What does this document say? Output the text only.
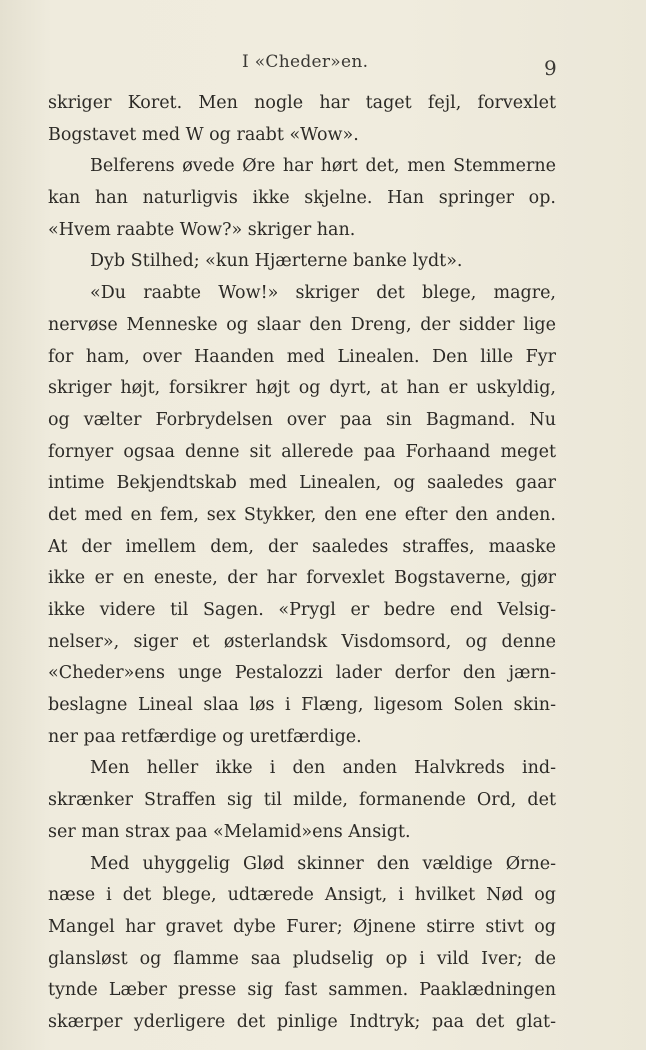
I «Cheder»en.	9
skriger Koret. Men nogle har taget fejl, forvexlet
Bogstavet med W og raabt «Wow».
Belferens øvede Øre har hørt det, men Stemmerne
kan han naturligvis ikke skjelne. Han springer op.
«Hvem raabte Wow?» skriger han.
Dyb Stilhed; «kun Hjærterne banke lydt».
«Du raabte Wow!» skriger det blege, magre,
nervøse Menneske og slaar den Dreng, der sidder lige
for ham, over Haanden med Linealen. Den lille Fyr
skriger højt, forsikrer højt og dyrt, at han er uskyldig,
og vælter Forbrydelsen over paa sin Bagmand. Nu
fornyer ogsaa denne sit allerede paa Forhaand meget
intime Bekjendtskab med Linealen, og saaledes gaar
det med en fem, sex Stykker, den ene efter den anden.
At der imellem dem, der saaledes straffes, maaske
ikke er en eneste, der har forvexlet Bogstaverne, gjør
ikke videre til Sagen. «Prygl er bedre end Velsig-
nelser», siger et østerlandsk Visdomsord, og denne
«Cheder»ens unge Pestalozzi lader derfor den jærn-
beslagne Lineal slaa løs i Flæng, ligesom Solen skin-
ner paa retfærdige og uretfærdige.
Men heller ikke i den anden Halvkreds ind-
skrænker Straffen sig til milde, formanende Ord, det
ser man strax paa «Melamid»ens Ansigt.
Med uhyggelig Glød skinner den vældige Ørne-
næse i det blege, udtærede Ansigt, i hvilket Nød og
Mangel har gravet dybe Furer; Øjnene stirre stivt og
glansløst og flamme saa pludselig op i vild Iver; de
tynde Læber presse sig fast sammen. Paaklædningen
skærper yderligere det pinlige Indtryk; paa det glat-
